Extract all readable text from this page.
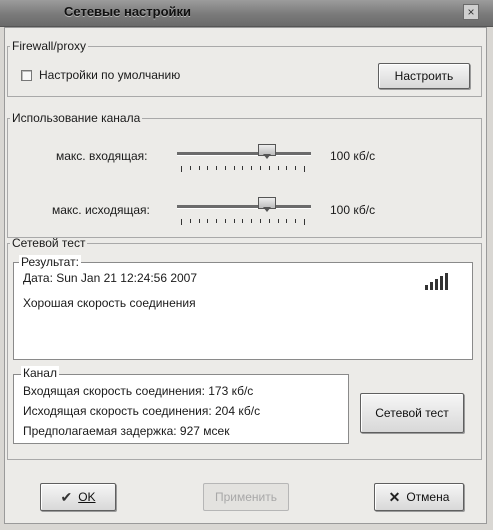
Сетевые настройки	×
Firewall/proxy
Настройки по умолчанию	Настроить
Использование канала
макс. входящая:	100 кб/с
макс. исходящая:	100 кб/с
Сетевой тест
Результат:
Дата: Sun Jan 21 12:24:56 2007
Хорошая скорость соединения
Канал
Входящая скорость соединения: 173 кб/с
Исходящая скорость соединения: 204 кб/с
Предполагаемая задержка: 927 мсек
Сетевой тест
✔ OK	Применить	✕ Отмена
